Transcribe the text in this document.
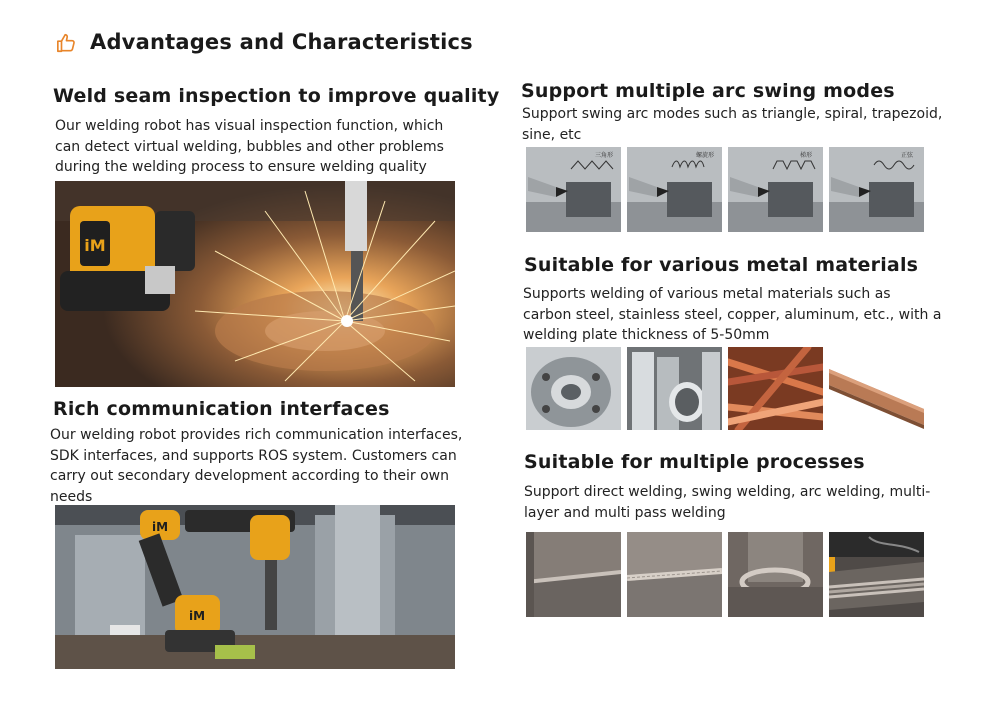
Advantages and Characteristics
Weld seam inspection to improve quality
Our welding robot has visual inspection function, which can detect virtual welding, bubbles and other problems during the welding process to ensure welding quality
iM
Rich communication interfaces
Our welding robot provides rich communication interfaces, SDK interfaces, and supports ROS system. Customers can carry out secondary development according to their own needs
iM
iM
Support multiple arc swing modes
Support swing arc modes such as triangle, spiral, trapezoid, sine, etc
三角形	螺旋形	梯形	正弦
Suitable for various metal materials
Supports welding of various metal materials such as carbon steel, stainless steel, copper, aluminum, etc., with a welding plate thickness of 5-50mm
Suitable for multiple processes
Support direct welding, swing welding, arc welding, multi-layer and multi pass welding
